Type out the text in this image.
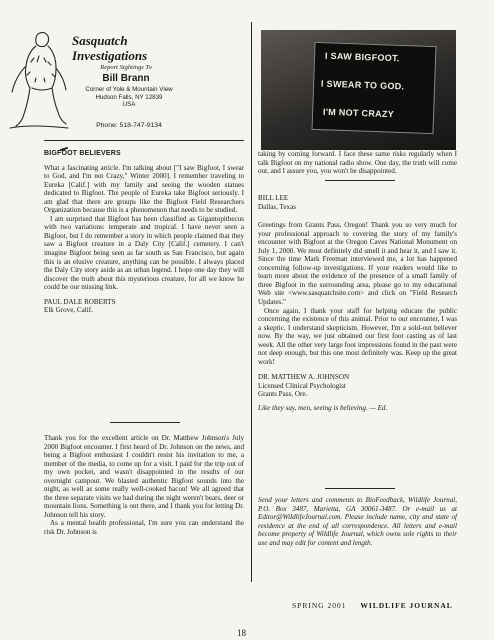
Sasquatch
Investigations
Report Sightings To
Bill Brann
Corner of Yole & Mountain View
Hudson Falls, NY 12839
USA
Phone: 518-747-9134
I SAW BIGFOOT.
I SWEAR TO GOD.
I'M NOT CRAZY
BIGFOOT BELIEVERS

What a fascinating article. I'm talking about ["I saw Bigfoot, I swear to God, and I'm not Crazy," Winter 2000]. I remember traveling to Eureka [Calif.] with my family and seeing the wooden statues dedicated to Bigfoot. The people of Eureka take Bigfoot seriously. I am glad that there are groups like the Bigfoot Field Researchers Organization because this is a phenomenon that needs to be studied.

I am surprised that Bigfoot has been classified as Gigantopithecus with two variations: temperate and tropical. I have never seen a Bigfoot, but I do remember a story in which people claimed that they saw a Bigfoot creature in a Daly City [Calif.] cemetery. I can't imagine Bigfoot being seen as far south as San Francisco, but again this is an elusive creature, anything can be possible. I always placed the Daly City story aside as an urban legend. I hope one day they will discover the truth about this mysterious creature, for all we know he could be our missing link.

PAUL DALE ROBERTS
Elk Grove, Calif.

Thank you for the excellent article on Dr. Matthew Johnson's July 2000 Bigfoot encounter. I first heard of Dr. Johnson on the news, and being a Bigfoot enthusiast I couldn't resist his invitation to me, a member of the media, to come up for a visit. I paid for the trip out of my own pocket, and wasn't disappointed in the results of our overnight campout. We blasted authentic Bigfoot sounds into the night, as well as some really well-cooked bacon! We all agreed that the three separate visits we had during the night weren't bears, deer or mountain lions. Something is out there, and I thank you for letting Dr. Johnson tell his story.

As a mental health professional, I'm sure you can understand the risk Dr. Johnson is

taking by coming forward. I face these same risks regularly when I talk Bigfoot on my national radio show. One day, the truth will come out, and I assure you, you won't be disappointed.

BILL LEE
Dallas, Texas

Greetings from Grants Pass, Oregon! Thank you so very much for your professional approach to covering the story of my family's encounter with Bigfoot at the Oregon Caves National Monument on July 1, 2000. We most definitely did smell it and hear it, and I saw it. Since the time Mark Freeman interviewed me, a lot has happened concerning follow-up investigations. If your readers would like to learn more about the evidence of the presence of a small family of three Bigfoot in the surrounding area, please go to my educational Web site <www.sasquatchsite.com> and click on "Field Research Updates."

Once again, I thank your staff for helping educate the public concerning the existence of this animal. Prior to our encounter, I was a skeptic. I understand skepticism. However, I'm a sold-out believer now. By the way, we just obtained our first foot casting as of last week. All the other very large foot impressions found in the past were not deep enough, but this one most definitely was. Keep up the great work!

DR. MATTHEW A. JOHNSON
Licensed Clinical Psychologist
Grants Pass, Ore.
Like they say, men, seeing is believing. — Ed.

Send your letters and comments to BioFeedback, Wildlife Journal, P.O. Box 3487, Marietta, GA 30061-3487. Or e-mail us at Editor@WildlifeJournal.com. Please include name, city and state of residence at the end of all correspondence. All letters and e-mail become property of Wildlife Journal, which owns sole rights to their use and may edit for content and length.

SPRING 2001 WILDLIFE JOURNAL
18
